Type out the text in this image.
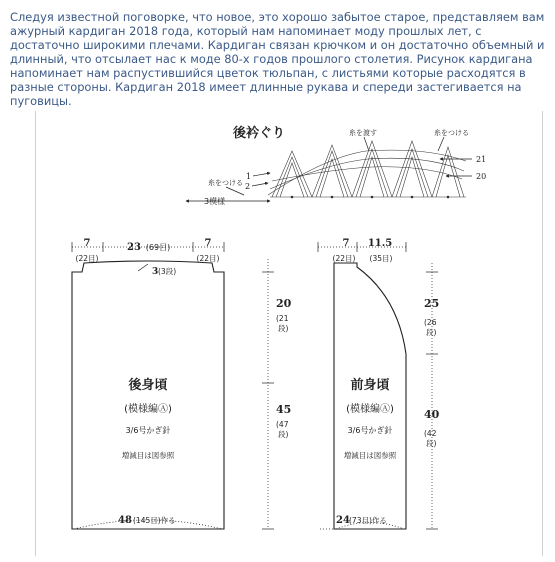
Следуя известной поговорке, что новое, это хорошо забытое старое, представляем вам ажурный кардиган 2018 года, который нам напоминает моду прошлых лет, с достаточно широкими плечами. Кардиган связан крючком и он достаточно объемный и длинный, что отсылает нас к моде 80-х годов прошлого столетия. Рисунок кардигана напоминает нам распустившийся цветок тюльпан, с листьями которые расходятся в разные стороны. Кардиган 2018 имеет длинные рукава и спереди застегивается на пуговицы.

後衿ぐり	糸を渡す	糸をつける
糸をつける
21
20
2
1
3模様
7
(22目)
23 (69目)	7
(22目)
3 (3段)
20
(21
段)
45
(47
段)
後身頃
(模様編Ⓐ)
3/6号かぎ針
増減目は図参照
48 (145目)作る
7
(22目)
11.5
(35目)
25
(26
段)
40
(42
段)
前身頃
(模様編Ⓐ)
3/6号かぎ針
増減目は図参照
24 (73目)作る
